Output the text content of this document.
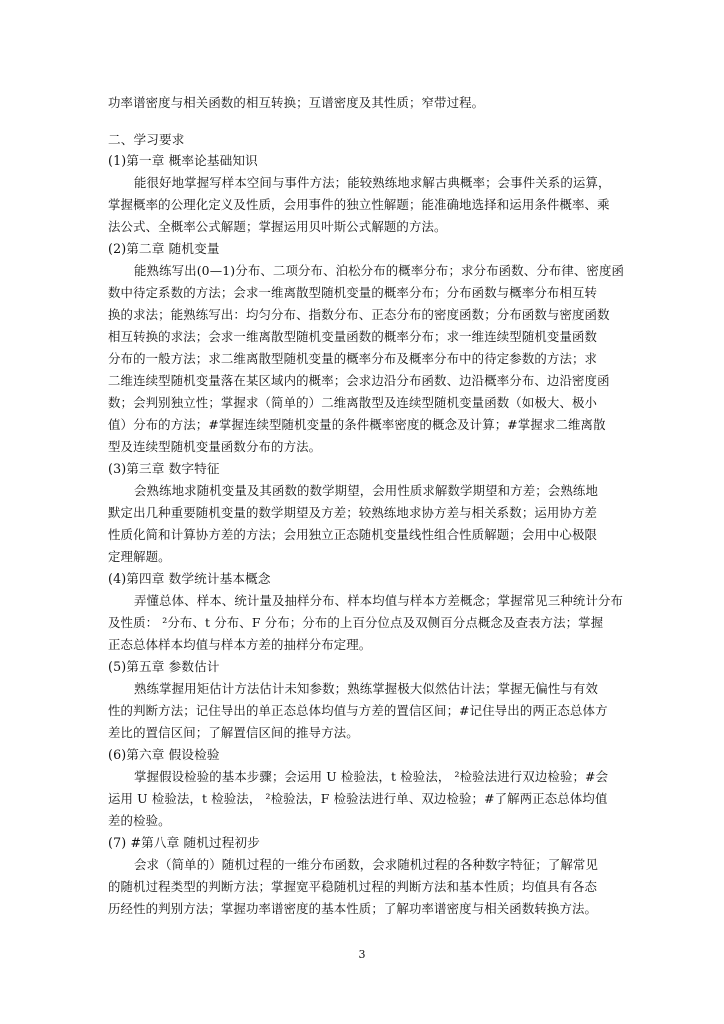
功率谱密度与相关函数的相互转换；互谱密度及其性质；窄带过程。
二、学习要求
(1)第一章 概率论基础知识
能很好地掌握写样本空间与事件方法；能较熟练地求解古典概率；会事件关系的运算，
掌握概率的公理化定义及性质，会用事件的独立性解题；能准确地选择和运用条件概率、乘
法公式、全概率公式解题；掌握运用贝叶斯公式解题的方法。
(2)第二章 随机变量
能熟练写出(0—1)分布、二项分布、泊松分布的概率分布；求分布函数、分布律、密度函
数中待定系数的方法；会求一维离散型随机变量的概率分布；分布函数与概率分布相互转
换的求法；能熟练写出：均匀分布、指数分布、正态分布的密度函数；分布函数与密度函数
相互转换的求法；会求一维离散型随机变量函数的概率分布；求一维连续型随机变量函数
分布的一般方法；求二维离散型随机变量的概率分布及概率分布中的待定参数的方法；求
二维连续型随机变量落在某区域内的概率；会求边沿分布函数、边沿概率分布、边沿密度函
数；会判别独立性；掌握求（简单的）二维离散型及连续型随机变量函数（如极大、极小
值）分布的方法；#掌握连续型随机变量的条件概率密度的概念及计算；#掌握求二维离散
型及连续型随机变量函数分布的方法。
(3)第三章 数字特征
会熟练地求随机变量及其函数的数学期望，会用性质求解数学期望和方差；会熟练地
默定出几种重要随机变量的数学期望及方差；较熟练地求协方差与相关系数；运用协方差
性质化简和计算协方差的方法；会用独立正态随机变量线性组合性质解题；会用中心极限
定理解题。
(4)第四章 数学统计基本概念
弄懂总体、样本、统计量及抽样分布、样本均值与样本方差概念；掌握常见三种统计分布
及性质： ²分布、t 分布、F 分布；分布的上百分位点及双侧百分点概念及查表方法；掌握
正态总体样本均值与样本方差的抽样分布定理。
(5)第五章 参数估计
熟练掌握用矩估计方法估计未知参数；熟练掌握极大似然估计法；掌握无偏性与有效
性的判断方法；记住导出的单正态总体均值与方差的置信区间；#记住导出的两正态总体方
差比的置信区间；了解置信区间的推导方法。
(6)第六章 假设检验
掌握假设检验的基本步骤；会运用 U 检验法，t 检验法， ²检验法进行双边检验；#会
运用 U 检验法，t 检验法， ²检验法，F 检验法进行单、双边检验；#了解两正态总体均值
差的检验。
(7) #第八章 随机过程初步
会求（简单的）随机过程的一维分布函数，会求随机过程的各种数字特征；了解常见
的随机过程类型的判断方法；掌握宽平稳随机过程的判断方法和基本性质；均值具有各态
历经性的判别方法；掌握功率谱密度的基本性质；了解功率谱密度与相关函数转换方法。
3
